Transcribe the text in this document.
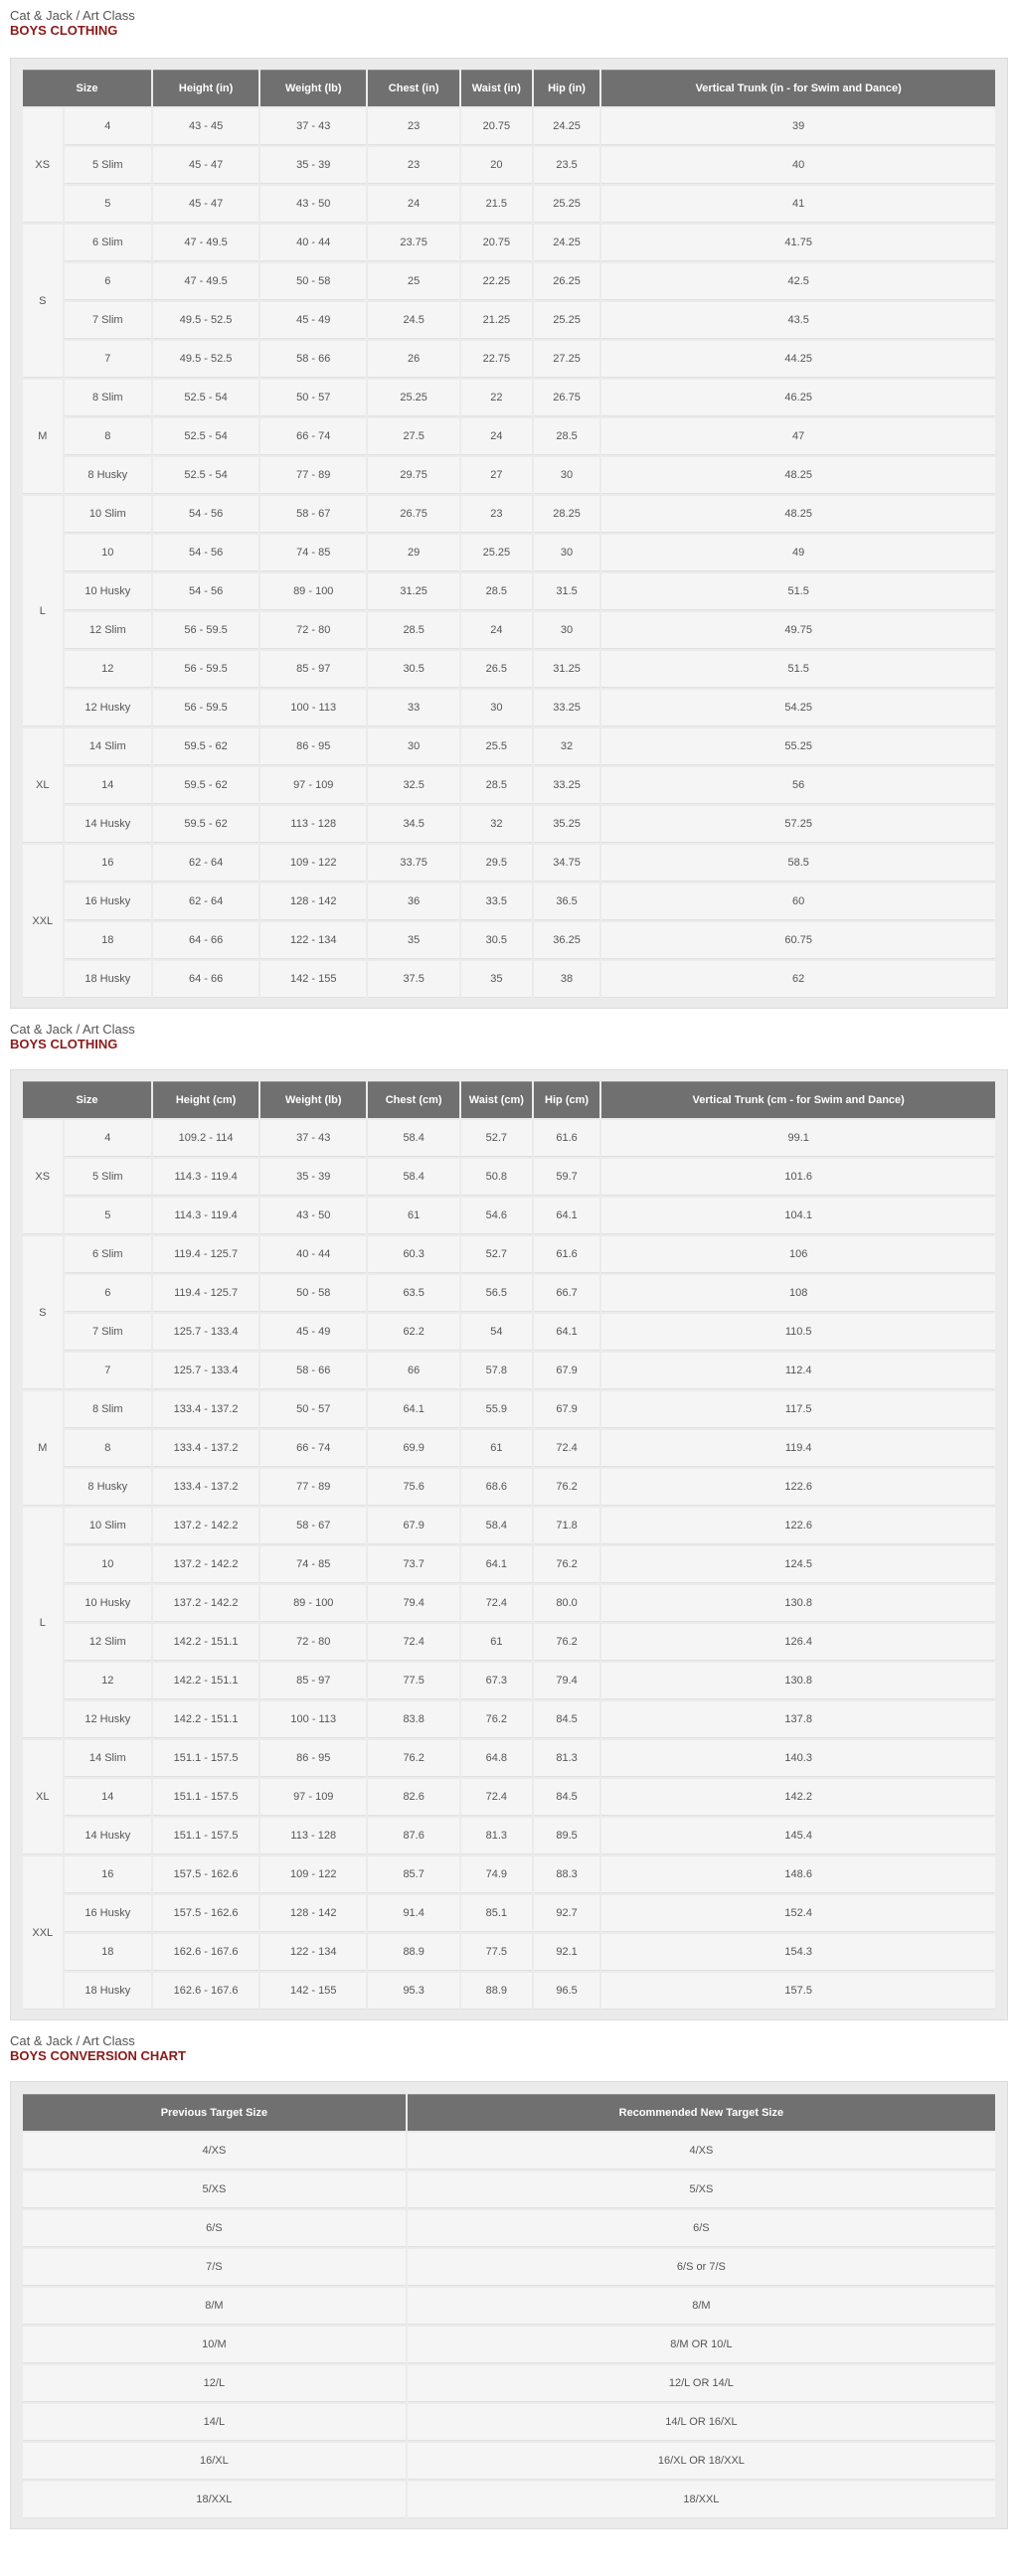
Cat & Jack / Art Class
BOYS CLOTHING
Size		Height (in)	Weight (lb)	Chest (in)	Waist (in)	Hip (in)	Vertical Trunk (in - for Swim and Dance)
XS	4	43 - 45	37 - 43	23	20.75	24.25	39
	5 Slim	45 - 47	35 - 39	23	20	23.5	40
	5	45 - 47	43 - 50	24	21.5	25.25	41
S	6 Slim	47 - 49.5	40 - 44	23.75	20.75	24.25	41.75
	6	47 - 49.5	50 - 58	25	22.25	26.25	42.5
	7 Slim	49.5 - 52.5	45 - 49	24.5	21.25	25.25	43.5
	7	49.5 - 52.5	58 - 66	26	22.75	27.25	44.25
M	8 Slim	52.5 - 54	50 - 57	25.25	22	26.75	46.25
	8	52.5 - 54	66 - 74	27.5	24	28.5	47
	8 Husky	52.5 - 54	77 - 89	29.75	27	30	48.25
L	10 Slim	54 - 56	58 - 67	26.75	23	28.25	48.25
	10	54 - 56	74 - 85	29	25.25	30	49
	10 Husky	54 - 56	89 - 100	31.25	28.5	31.5	51.5
	12 Slim	56 - 59.5	72 - 80	28.5	24	30	49.75
	12	56 - 59.5	85 - 97	30.5	26.5	31.25	51.5
	12 Husky	56 - 59.5	100 - 113	33	30	33.25	54.25
XL	14 Slim	59.5 - 62	86 - 95	30	25.5	32	55.25
	14	59.5 - 62	97 - 109	32.5	28.5	33.25	56
	14 Husky	59.5 - 62	113 - 128	34.5	32	35.25	57.25
XXL	16	62 - 64	109 - 122	33.75	29.5	34.75	58.5
	16 Husky	62 - 64	128 - 142	36	33.5	36.5	60
	18	64 - 66	122 - 134	35	30.5	36.25	60.75
	18 Husky	64 - 66	142 - 155	37.5	35	38	62
Cat & Jack / Art Class
BOYS CLOTHING
Size		Height (cm)	Weight (lb)	Chest (cm)	Waist (cm)	Hip (cm)	Vertical Trunk (cm - for Swim and Dance)
XS	4	109.2 - 114	37 - 43	58.4	52.7	61.6	99.1
	5 Slim	114.3 - 119.4	35 - 39	58.4	50.8	59.7	101.6
	5	114.3 - 119.4	43 - 50	61	54.6	64.1	104.1
S	6 Slim	119.4 - 125.7	40 - 44	60.3	52.7	61.6	106
	6	119.4 - 125.7	50 - 58	63.5	56.5	66.7	108
	7 Slim	125.7 - 133.4	45 - 49	62.2	54	64.1	110.5
	7	125.7 - 133.4	58 - 66	66	57.8	67.9	112.4
M	8 Slim	133.4 - 137.2	50 - 57	64.1	55.9	67.9	117.5
	8	133.4 - 137.2	66 - 74	69.9	61	72.4	119.4
	8 Husky	133.4 - 137.2	77 - 89	75.6	68.6	76.2	122.6
L	10 Slim	137.2 - 142.2	58 - 67	67.9	58.4	71.8	122.6
	10	137.2 - 142.2	74 - 85	73.7	64.1	76.2	124.5
	10 Husky	137.2 - 142.2	89 - 100	79.4	72.4	80.0	130.8
	12 Slim	142.2 - 151.1	72 - 80	72.4	61	76.2	126.4
	12	142.2 - 151.1	85 - 97	77.5	67.3	79.4	130.8
	12 Husky	142.2 - 151.1	100 - 113	83.8	76.2	84.5	137.8
XL	14 Slim	151.1 - 157.5	86 - 95	76.2	64.8	81.3	140.3
	14	151.1 - 157.5	97 - 109	82.6	72.4	84.5	142.2
	14 Husky	151.1 - 157.5	113 - 128	87.6	81.3	89.5	145.4
XXL	16	157.5 - 162.6	109 - 122	85.7	74.9	88.3	148.6
	16 Husky	157.5 - 162.6	128 - 142	91.4	85.1	92.7	152.4
	18	162.6 - 167.6	122 - 134	88.9	77.5	92.1	154.3
	18 Husky	162.6 - 167.6	142 - 155	95.3	88.9	96.5	157.5
Cat & Jack / Art Class
BOYS CONVERSION CHART
Previous Target Size	Recommended New Target Size
4/XS	4/XS
5/XS	5/XS
6/S	6/S
7/S	6/S or 7/S
8/M	8/M
10/M	8/M OR 10/L
12/L	12/L OR 14/L
14/L	14/L OR 16/XL
16/XL	16/XL OR 18/XXL
18/XXL	18/XXL
